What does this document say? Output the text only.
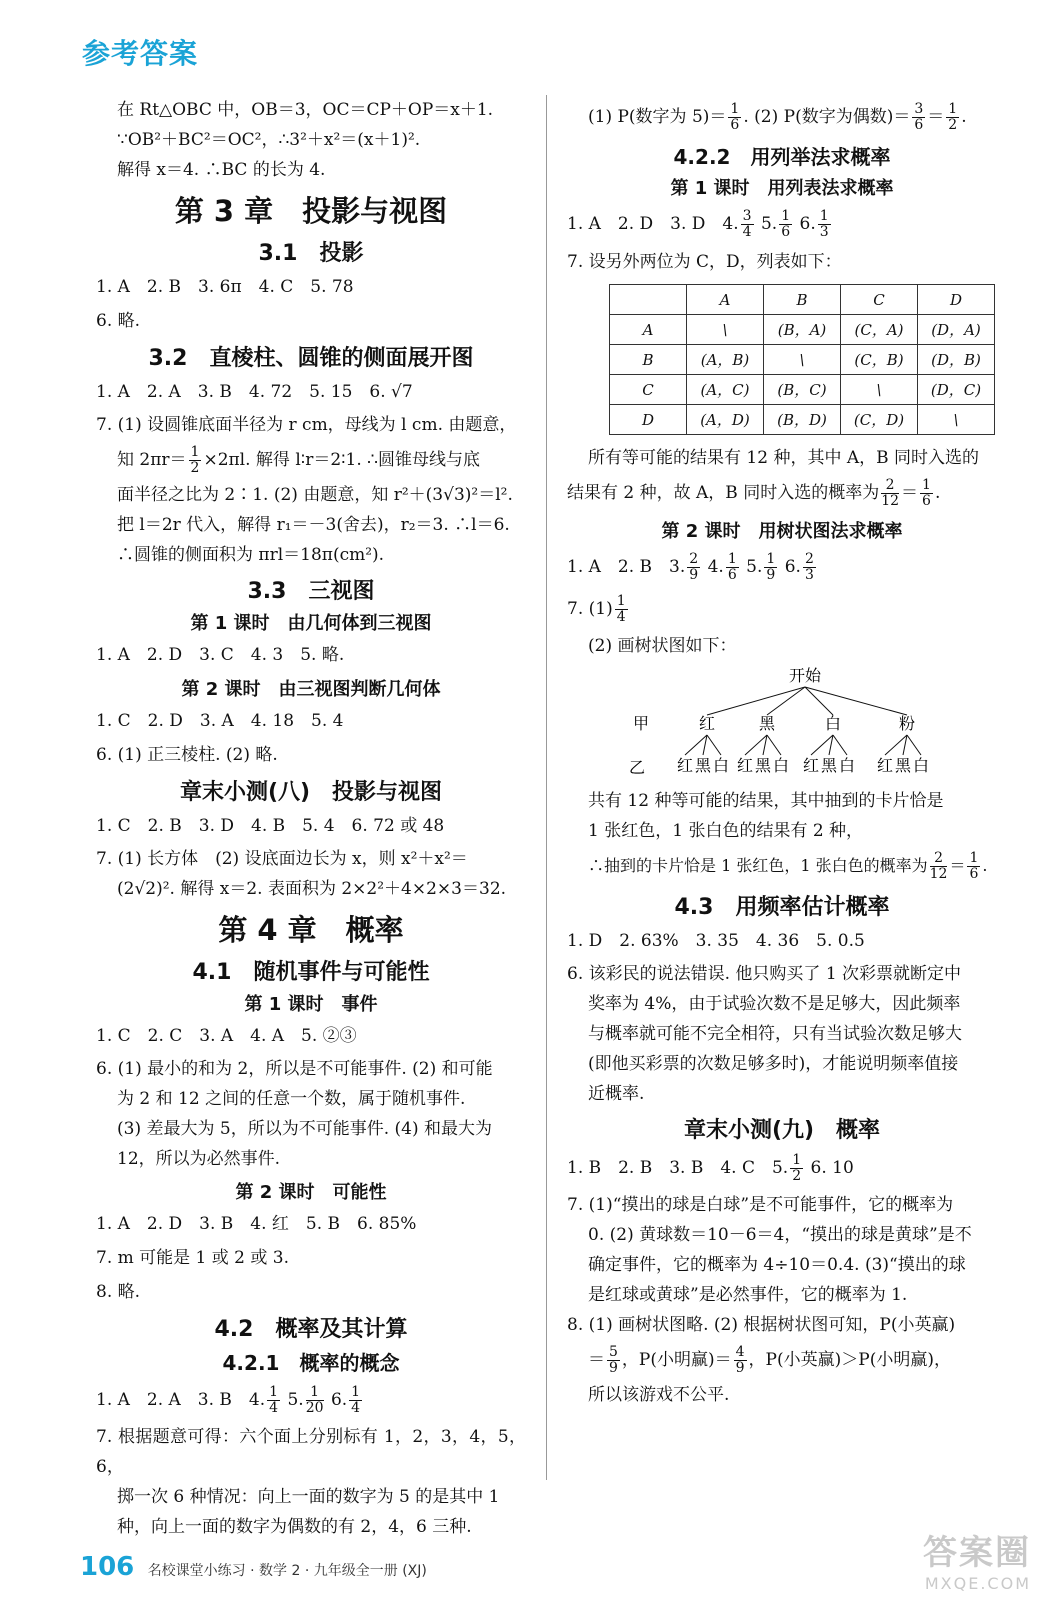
参考答案

在 Rt△OBC 中，OB＝3，OC＝CP＋OP＝x＋1.

∵OB²＋BC²＝OC²，∴3²＋x²＝(x＋1)².

解得 x＝4. ∴BC 的长为 4.

第 3 章　投影与视图
3.1　投影
1. A　2. B　3. 6π　4. C　5. 78
6. 略.
3.2　直棱柱、圆锥的侧面展开图
1. A　2. A　3. B　4. 72　5. 15　6. √7

7. (1) 设圆锥底面半径为 r cm，母线为 l cm. 由题意，

知 $2\pi r= \frac{1}{2} \times 2\pi l$. 解得 l∶r＝2∶1. ∴圆锥母线与底

面半径之比为 2∶1. (2) 由题意，知 r²＋(3√3)²＝l².

把 l＝2r 代入，解得 r₁＝－3(舍去)，r₂＝3. ∴l＝6.

∴圆锥的侧面积为 πrl＝18π(cm²).

3.3　三视图
第 1 课时　由几何体到三视图
1. A　2. D　3. C　4. 3　5. 略.
第 2 课时　由三视图判断几何体
1. C　2. D　3. A　4. 18　5. 4
6. (1) 正三棱柱. (2) 略.
章末小测(八)　投影与视图
1. C　2. B　3. D　4. B　5. 4　6. 72 或 48

7. (1) 长方体　(2) 设底面边长为 x，则 x²＋x²＝

(2√2)². 解得 x＝2. 表面积为 2×2²＋4×2×3＝32.

第 4 章　概率
4.1　随机事件与可能性
第 1 课时　事件
1. C　2. C　3. A　4. A　5. ②③

6. (1) 最小的和为 2，所以是不可能事件. (2) 和可能

为 2 和 12 之间的任意一个数，属于随机事件.

(3) 差最大为 5，所以为不可能事件. (4) 和最大为

12，所以为必然事件.

第 2 课时　可能性
1. A　2. D　3. B　4. 红　5. B　6. 85%
7. m 可能是 1 或 2 或 3.
8. 略.
4.2　概率及其计算
4.2.1　概率的概念
1. A　2. A　3. B　4. $\frac{1}{4} 5$. $\frac{1}{20} 6$. $\frac{1}{4}$

7. 根据题意可得：六个面上分别标有 1，2，3，4，5，6，

掷一次 6 种情况：向上一面的数字为 5 的是其中 1

种，向上一面的数字为偶数的有 2，4，6 三种.

(1) P(数字为 $5)= \frac{1}{6}$ . (2) P(数字为偶数)＝ $\frac{3}{6} = \frac{1}{2}$ .
4.2.2　用列举法求概率
第 1 课时　用列表法求概率
1. A　2. D　3. D　4. $\frac{3}{4} 5$. $\frac{1}{6} 6$. $\frac{1}{3}$
7. 设另外两位为 C，D，列表如下：
	A	B	C	D
A	\	(B，A)	(C，A)	(D，A)
B	(A，B)	\	(C，B)	(D，B)
C	(A，C)	(B，C)	\	(D，C)
D	(A，D)	(B，D)	(C，D)	\

所有等可能的结果有 12 种，其中 A，B 同时入选的

结果有 2 种，故 A，B 同时入选的概率为 $\frac{2}{12} = \frac{1}{6}$ .

第 2 课时　用树状图法求概率
1. A　2. B　3. $\frac{2}{9} 4$. $\frac{1}{6} 5$. $\frac{1}{9} 6$. $\frac{2}{3}$
7. $(1) \frac{1}{4}$

(2) 画树状图如下：

开始
甲	红	黑	白	粉
乙 红 黑 白 红 黑 白 红 黑 白 红 黑 白

共有 12 种等可能的结果，其中抽到的卡片恰是

1 张红色，1 张白色的结果有 2 种，

∴抽到的卡片恰是 1 张红色，1 张白色的概率为 $\frac{2}{12} = \frac{1}{6}$ .

4.3　用频率估计概率
1. D　2. 63%　3. 35　4. 36　5. 0.5

6. 该彩民的说法错误. 他只购买了 1 次彩票就断定中

奖率为 4%，由于试验次数不是足够大，因此频率

与概率就可能不完全相符，只有当试验次数足够大

(即他买彩票的次数足够多时)，才能说明频率值接

近概率.

章末小测(九)　概率
1. B　2. B　3. B　4. C　5. $\frac{1}{2} 6$. 10

7. (1)“摸出的球是白球”是不可能事件，它的概率为

0. (2) 黄球数＝10－6＝4，“摸出的球是黄球”是不

确定事件，它的概率为 4÷10＝0.4. (3)“摸出的球

是红球或黄球”是必然事件，它的概率为 1.

8. (1) 画树状图略. (2) 根据树状图可知，P(小英赢)

＝ $\frac{5}{9}$ ，P(小明赢)＝ $\frac{4}{9}$ ，P(小英赢)＞P(小明赢)，

所以该游戏不公平.

106 名校课堂小练习 · 数学 2 · 九年级全一册 (XJ)	答案圈
MXQE.COM
